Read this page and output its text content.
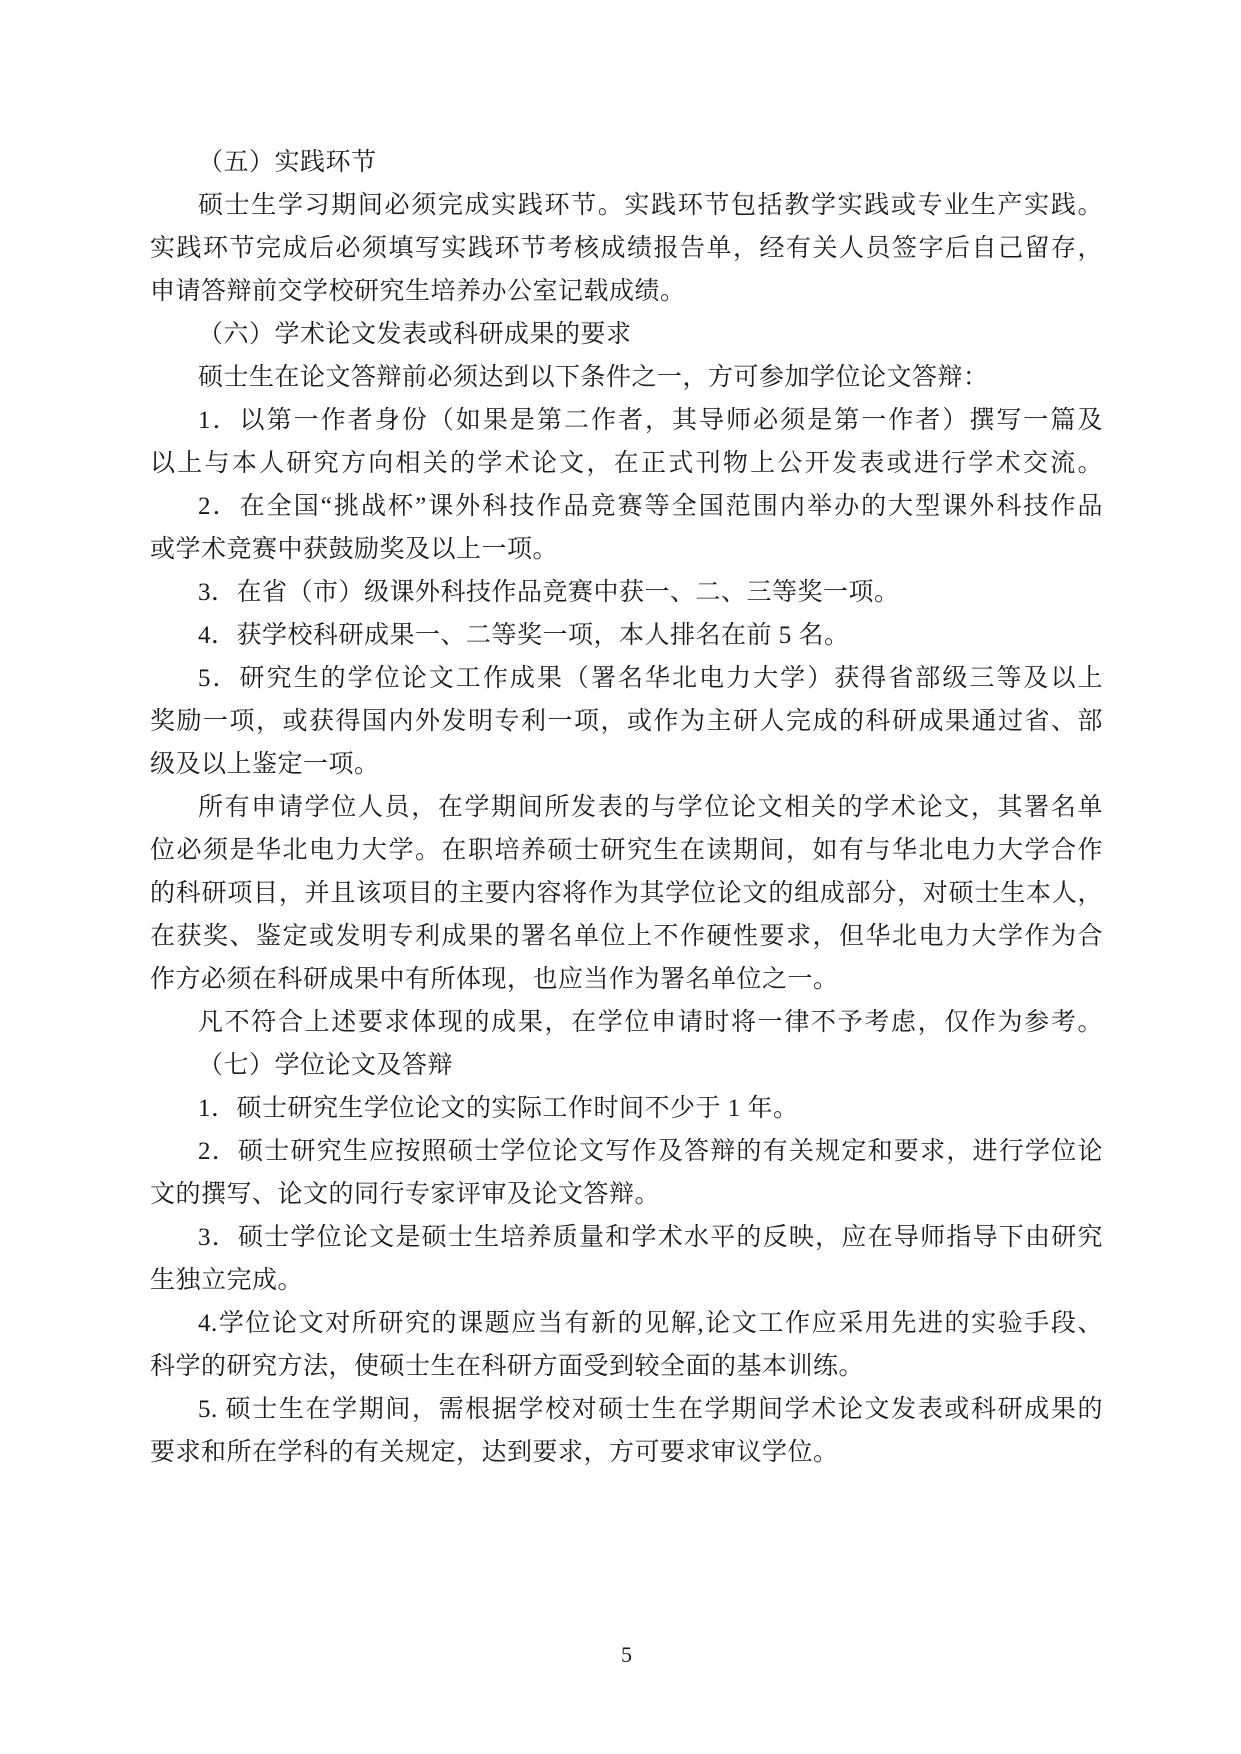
（五）实践环节
硕士生学习期间必须完成实践环节。实践环节包括教学实践或专业生产实践。
实践环节完成后必须填写实践环节考核成绩报告单，经有关人员签字后自己留存，
申请答辩前交学校研究生培养办公室记载成绩。
（六）学术论文发表或科研成果的要求
硕士生在论文答辩前必须达到以下条件之一，方可参加学位论文答辩：
1．以第一作者身份（如果是第二作者，其导师必须是第一作者）撰写一篇及
以上与本人研究方向相关的学术论文，在正式刊物上公开发表或进行学术交流。
2．在全国“挑战杯”课外科技作品竞赛等全国范围内举办的大型课外科技作品
或学术竞赛中获鼓励奖及以上一项。
3．在省（市）级课外科技作品竞赛中获一、二、三等奖一项。
4．获学校科研成果一、二等奖一项，本人排名在前 5 名。
5．研究生的学位论文工作成果（署名华北电力大学）获得省部级三等及以上
奖励一项，或获得国内外发明专利一项，或作为主研人完成的科研成果通过省、部
级及以上鉴定一项。
所有申请学位人员，在学期间所发表的与学位论文相关的学术论文，其署名单
位必须是华北电力大学。在职培养硕士研究生在读期间，如有与华北电力大学合作
的科研项目，并且该项目的主要内容将作为其学位论文的组成部分，对硕士生本人，
在获奖、鉴定或发明专利成果的署名单位上不作硬性要求，但华北电力大学作为合
作方必须在科研成果中有所体现，也应当作为署名单位之一。
凡不符合上述要求体现的成果，在学位申请时将一律不予考虑，仅作为参考。
（七）学位论文及答辩
1．硕士研究生学位论文的实际工作时间不少于 1 年。
2．硕士研究生应按照硕士学位论文写作及答辩的有关规定和要求，进行学位论
文的撰写、论文的同行专家评审及论文答辩。
3．硕士学位论文是硕士生培养质量和学术水平的反映，应在导师指导下由研究
生独立完成。
4.学位论文对所研究的课题应当有新的见解,论文工作应采用先进的实验手段、
科学的研究方法，使硕士生在科研方面受到较全面的基本训练。
5. 硕士生在学期间，需根据学校对硕士生在学期间学术论文发表或科研成果的
要求和所在学科的有关规定，达到要求，方可要求审议学位。
5
